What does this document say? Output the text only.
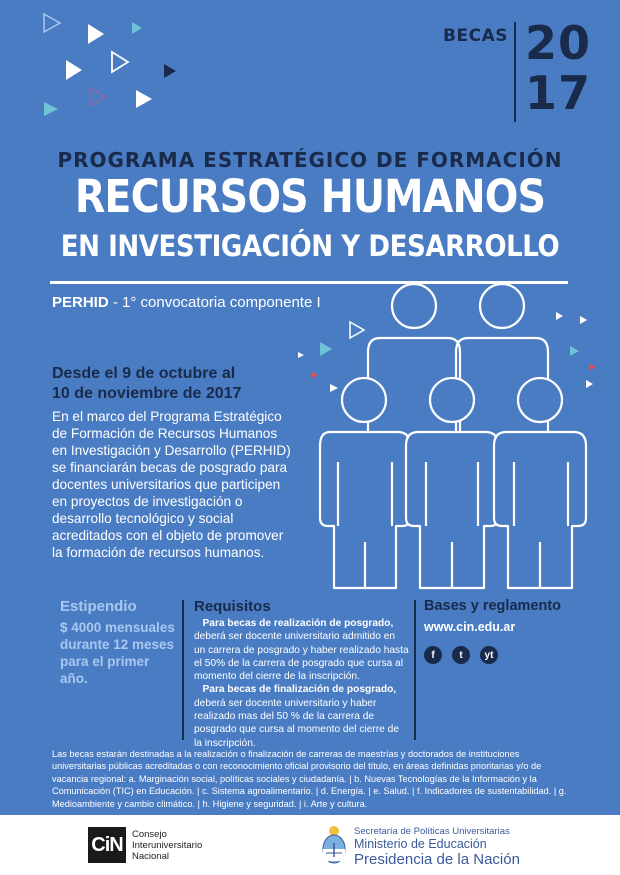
BECAS 20
17
PROGRAMA ESTRATÉGICO DE FORMACIÓN
RECURSOS HUMANOS
EN INVESTIGACIÓN Y DESARROLLO
PERHID - 1° convocatoria componente I
Desde el 9 de octubre al
10 de noviembre de 2017
En el marco del Programa Estratégico
de Formación de Recursos Humanos
en Investigación y Desarrollo (PERHID)
se financiarán becas de posgrado para
docentes universitarios que participen
en proyectos de investigación o
desarrollo tecnológico y social
acreditados con el objeto de promover
la formación de recursos humanos.
Estipendio
$ 4000 mensuales
durante 12 meses
para el primer año.
Requisitos
Para becas de realización de posgrado, deberá ser docente universitario admitido en un carrera de posgrado y haber realizado hasta el 50% de la carrera de posgrado que cursa al momento del cierre de la inscripción.
Para becas de finalización de posgrado, deberá ser docente universitario y haber realizado mas del 50 % de la carrera de posgrado que cursa al momento del cierre de la inscripción.
Bases y reglamento
www.cin.edu.ar
f	t	yt
Las becas estarán destinadas a la realización o finalización de carreras de maestrías y doctorados de instituciones universitarias públicas acreditadas o con reconocimiento oficial provisorio del título, en áreas definidas prioritarias y/o de vacancia regional: a. Marginación social, políticas sociales y ciudadanía. | b. Nuevas Tecnologías de la Información y la Comunicación (TIC) en Educación. | c. Sistema agroalimentario. | d. Energía. | e. Salud. | f. Indicadores de sustentabilidad. | g. Medioambiente y cambio climático. | h. Higiene y seguridad. | i. Arte y cultura.
CiN Consejo
Interuniversitario
Nacional
Secretaría de Políticas Universitarias
Ministerio de Educación
Presidencia de la Nación
